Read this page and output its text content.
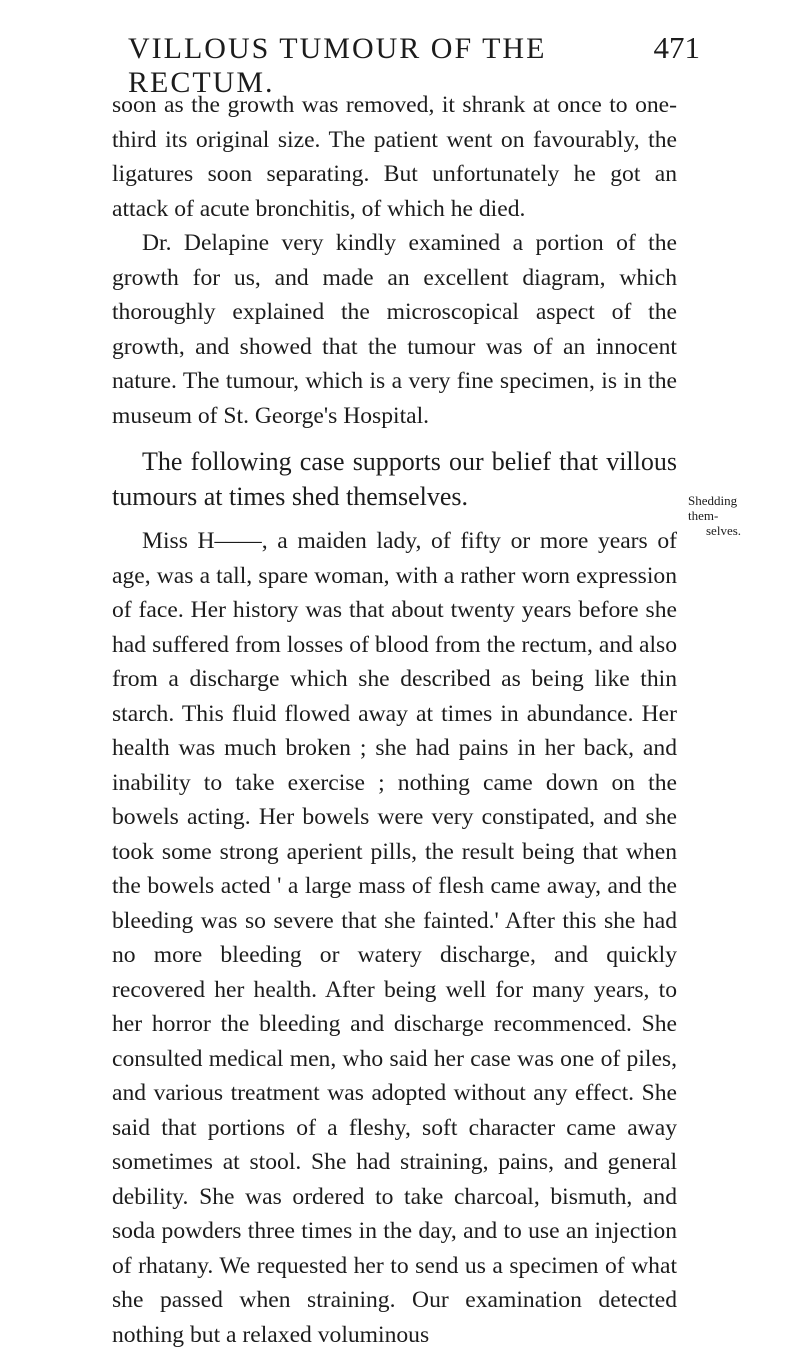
VILLOUS TUMOUR OF THE RECTUM.
471

soon as the growth was removed, it shrank at once to one-third its original size. The patient went on favourably, the ligatures soon separating. But unfortunately he got an attack of acute bronchitis, of which he died.

Dr. Delapine very kindly examined a portion of the growth for us, and made an excellent diagram, which thoroughly explained the microscopical aspect of the growth, and showed that the tumour was of an innocent nature. The tumour, which is a very fine specimen, is in the museum of St. George's Hospital.

The following case supports our belief that villous tumours at times shed themselves.

Miss H——, a maiden lady, of fifty or more years of age, was a tall, spare woman, with a rather worn expression of face. Her history was that about twenty years before she had suffered from losses of blood from the rectum, and also from a discharge which she described as being like thin starch. This fluid flowed away at times in abundance. Her health was much broken ; she had pains in her back, and inability to take exercise ; nothing came down on the bowels acting. Her bowels were very constipated, and she took some strong aperient pills, the result being that when the bowels acted ' a large mass of flesh came away, and the bleeding was so severe that she fainted.' After this she had no more bleeding or watery discharge, and quickly recovered her health. After being well for many years, to her horror the bleeding and discharge recommenced. She consulted medical men, who said her case was one of piles, and various treatment was adopted without any effect. She said that portions of a fleshy, soft character came away sometimes at stool. She had straining, pains, and general debility. She was ordered to take charcoal, bismuth, and soda powders three times in the day, and to use an injection of rhatany. We requested her to send us a specimen of what she passed when straining. Our examination detected nothing but a relaxed voluminous

Shedding
them-
selves.
